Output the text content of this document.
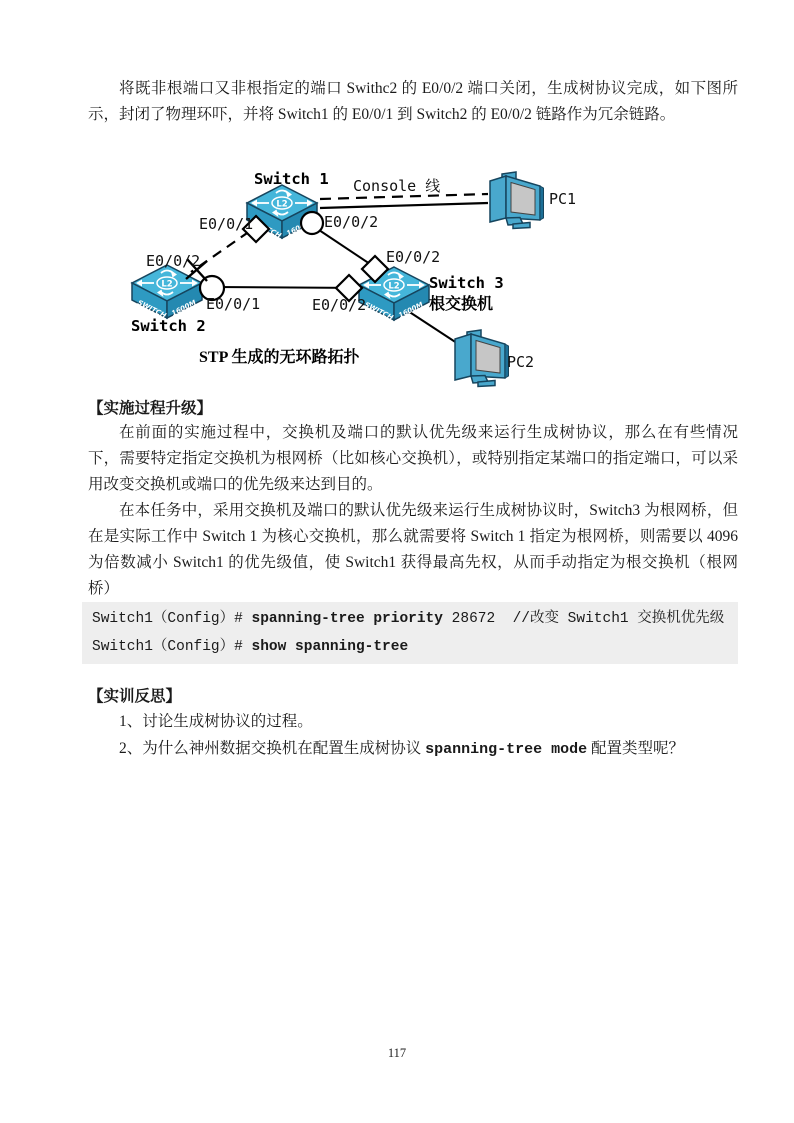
将既非根端口又非根指定的端口 Swithc2 的 E0/0/2 端口关闭，生成树协议完成，如下图所示，封闭了物理环吓，并将 Switch1 的 E0/0/1 到 Switch2 的 E0/0/2 链路作为冗余链路。

1600M
Switch 1
Switch 2
Switch 3
根交换机
PC1
PC2
Console 线
E0/0/1	E0/0/2
E0/0/2
E0/0/1	E0/0/2
E0/0/2
STP 生成的无环路拓扑
【实施过程升级】

在前面的实施过程中，交换机及端口的默认优先级来运行生成树协议，那么在有些情况下，需要特定指定交换机为根网桥（比如核心交换机），或特别指定某端口的指定端口，可以采用改变交换机或端口的优先级来达到目的。

在本任务中，采用交换机及端口的默认优先级来运行生成树协议时，Switch3 为根网桥，但在是实际工作中 Switch 1 为核心交换机，那么就需要将 Switch 1 指定为根网桥，则需要以 4096 为倍数减小 Switch1 的优先级值，使 Switch1 获得最高先权，从而手动指定为根交换机（根网桥）

Switch1（Config）# spanning-tree priority 28672  //改变 Switch1 交换机优先级
Switch1（Config）# show spanning-tree
【实训反思】

1、讨论生成树协议的过程。

2、为什么神州数据交换机在配置生成树协议 spanning-tree mode 配置类型呢？

117
